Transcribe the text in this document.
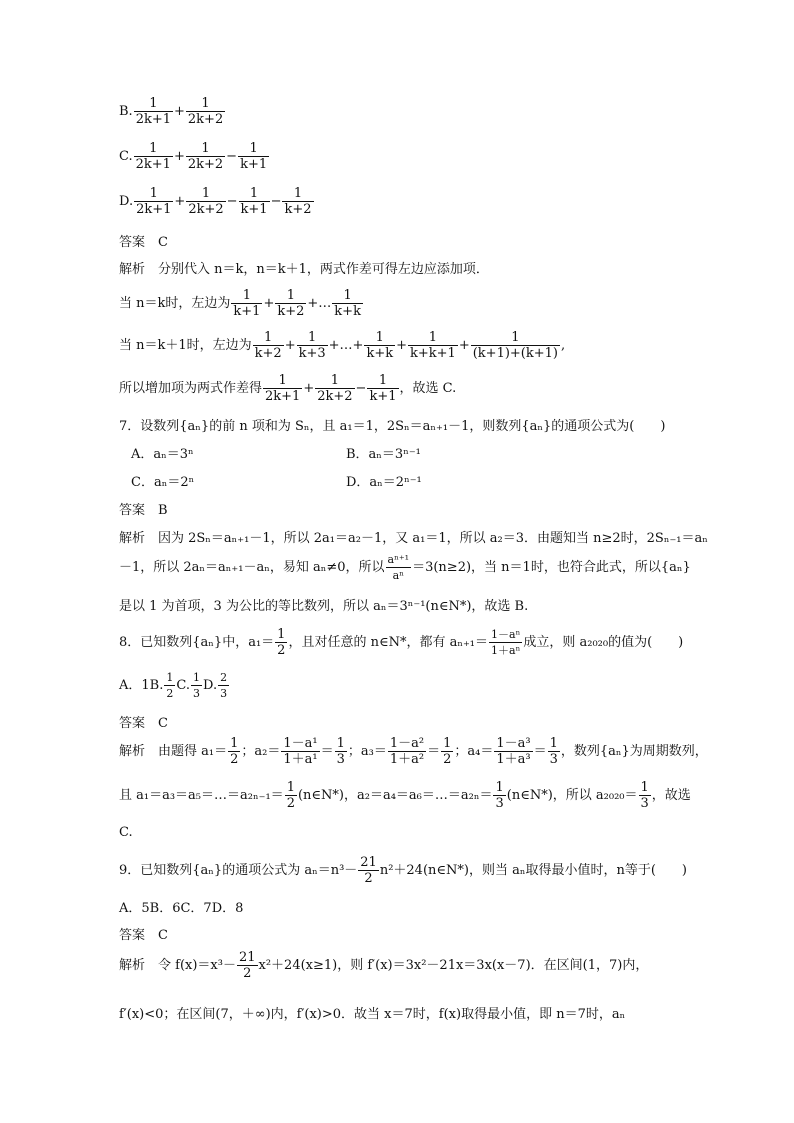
B. $\frac{1}{2k+1} + \frac{1}{2k+2}$
C. $\frac{1}{2k+1} + \frac{1}{2k+2} - \frac{1}{k+1}$
D. $\frac{1}{2k+1} + \frac{1}{2k+2} - \frac{1}{k+1} - \frac{1}{k+2}$
答案　C
解析　分别代入 n＝k，n＝k＋1，两式作差可得左边应添加项．
当 n＝k时，左边为 $\frac{1}{k+1} + \frac{1}{k+2}$ +… $\frac{1}{k+k}$
当 n＝k＋1时，左边为 $\frac{1}{k+2} + \frac{1}{k+3}$ +…+ $\frac{1}{k+k} + \frac{1}{k+k+1} + \frac{1}{(k+1)+(k+1)}$ ,
所以增加项为两式作差得 $\frac{1}{2k+1} + \frac{1}{2k+2} - \frac{1}{k+1}$ ，故选 C.
7．设数列{aₙ}的前 n 项和为 Sₙ，且 a₁＝1，2Sₙ＝aₙ₊₁－1，则数列{aₙ}的通项公式为(　　)
A．aₙ＝3ⁿ	B．aₙ＝3ⁿ⁻¹
C．aₙ＝2ⁿ	D．aₙ＝2ⁿ⁻¹
答案　B
解析　因为 2Sₙ＝aₙ₊₁－1，所以 2a₁＝a₂－1，又 a₁＝1，所以 a₂＝3．由题知当 n≥2时，2Sₙ₋₁＝aₙ
－1，所以 2aₙ＝aₙ₊₁－aₙ，易知 aₙ≠0，所以 $\frac{\text{aⁿ⁺¹}}{\text{aⁿ}} =3(n\ge 2)$，当 n＝1时，也符合此式，所以{aₙ}
是以 1 为首项，3 为公比的等比数列，所以 aₙ＝3ⁿ⁻¹(n∈N*)，故选 B.
8．已知数列{aₙ}中，$a_1= \frac{1}{2}$ ，且对任意的 n∈N*，都有 $a_{n+1}= \frac{\text{1－aⁿ}}{\text{1＋aⁿ}}$ 成立，则 a₂₀₂₀的值为(　　)
A．1B. $\frac{1}{2} C$. $\frac{1}{3} D$. $\frac{2}{3}$
答案　C
解析　由题得 $a_1= \frac{1}{2}$ ；$a_2= \frac{\text{1－a¹}}{\text{1＋a¹}} = \frac{1}{3}$ ；$a_3= \frac{\text{1－a²}}{\text{1＋a²}} = \frac{1}{2}$ ；$a_4= \frac{\text{1－a³}}{\text{1＋a³}} = \frac{1}{3}$ ，数列{aₙ}为周期数列，
且 a₁＝a₃＝a₅＝…＝a₂ₙ₋₁＝ $\frac{1}{2}$ (n∈N*)，a₂＝a₄＝a₆＝…＝a₂ₙ＝ $\frac{1}{3}$ (n∈N*)，所以 $a_{2020}= \frac{1}{3}$ ，故选
C.
9．已知数列{aₙ}的通项公式为 $a_n=n^3- \frac{21}{2}$ n²＋24(n∈N*)，则当 aₙ取得最小值时，n等于(　　)
A．5B．6C．7D．8
答案　C
解析　令 $f(x)=x^3- \frac{21}{2} x^2+24(x\ge 1)$，则 f′(x)＝3x²－21x＝3x(x－7)．在区间(1，7)内，
f′(x)<0；在区间(7，＋∞)内，f′(x)>0．故当 x＝7时，f(x)取得最小值，即 n＝7时，aₙ
